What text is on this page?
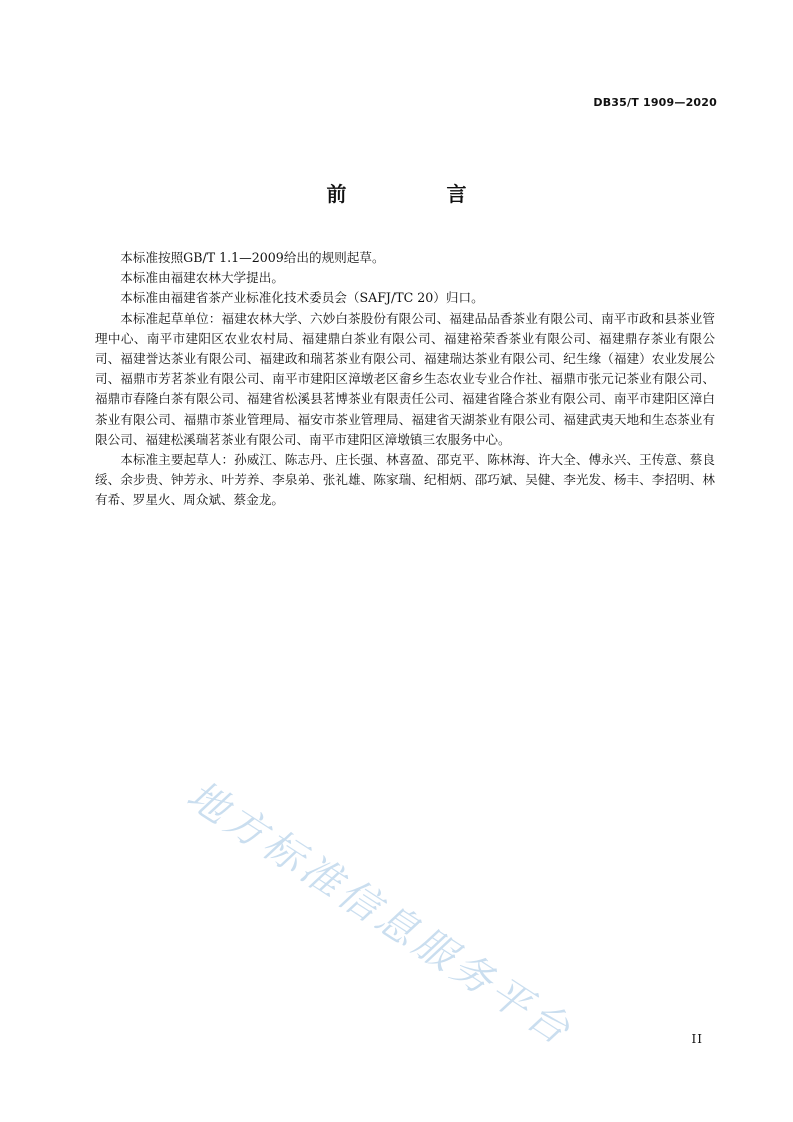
DB35/T 1909—2020
前　言

本标准按照GB/T 1.1—2009给出的规则起草。

本标准由福建农林大学提出。

本标准由福建省茶产业标准化技术委员会（SAFJ/TC 20）归口。

本标准起草单位：福建农林大学、六妙白茶股份有限公司、福建品品香茶业有限公司、南平市政和县茶业管理中心、南平市建阳区农业农村局、福建鼎白茶业有限公司、福建裕荣香茶业有限公司、福建鼎存茶业有限公司、福建誉达茶业有限公司、福建政和瑞茗茶业有限公司、福建瑞达茶业有限公司、纪生缘（福建）农业发展公司、福鼎市芳茗茶业有限公司、南平市建阳区漳墩老区畲乡生态农业专业合作社、福鼎市张元记茶业有限公司、福鼎市春隆白茶有限公司、福建省松溪县茗博茶业有限责任公司、福建省隆合茶业有限公司、南平市建阳区漳白茶业有限公司、福鼎市茶业管理局、福安市茶业管理局、福建省天湖茶业有限公司、福建武夷天地和生态茶业有限公司、福建松溪瑞茗茶业有限公司、南平市建阳区漳墩镇三农服务中心。

本标准主要起草人：孙威江、陈志丹、庄长强、林喜盈、邵克平、陈林海、许大全、傅永兴、王传意、蔡良绥、余步贵、钟芳永、叶芳养、李泉弟、张礼雄、陈家瑞、纪相炳、邵巧斌、吴健、李光发、杨丰、李招明、林有希、罗星火、周众斌、蔡金龙。

地方标准信息服务平台	II
